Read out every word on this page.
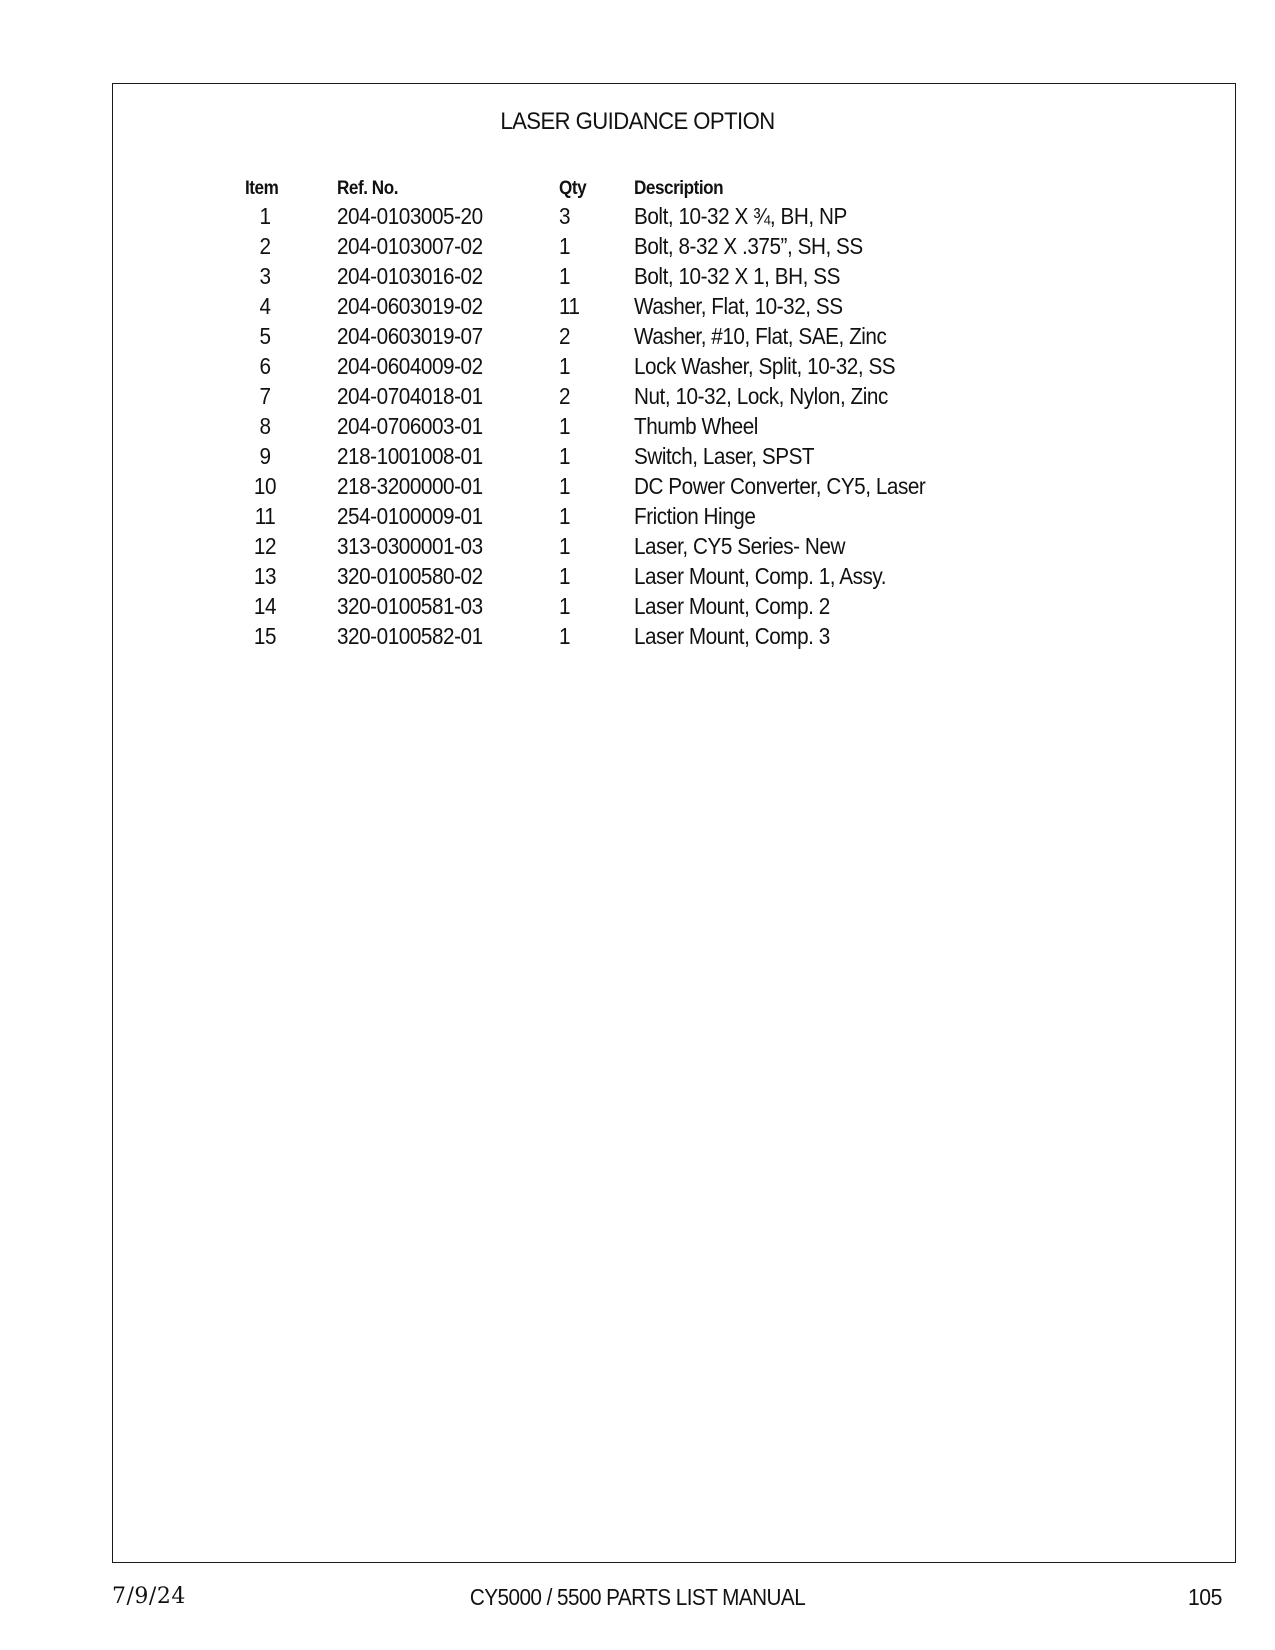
LASER GUIDANCE OPTION
Item	Ref. No.	Qty	Description
1	204-0103005-20	3	Bolt, 10-32 X ¾, BH, NP
2	204-0103007-02	1	Bolt, 8-32 X .375”, SH, SS
3	204-0103016-02	1	Bolt, 10-32 X 1, BH, SS
4	204-0603019-02	11 Washer, Flat, 10-32, SS
5	204-0603019-07	2	Washer, #10, Flat, SAE, Zinc
6	204-0604009-02	1	Lock Washer, Split, 10-32, SS
7	204-0704018-01	2	Nut, 10-32, Lock, Nylon, Zinc
8	204-0706003-01	1	Thumb Wheel
9	218-1001008-01	1	Switch, Laser, SPST
10	218-3200000-01	1	DC Power Converter, CY5, Laser
11	254-0100009-01	1	Friction Hinge
12	313-0300001-03	1	Laser, CY5 Series- New
13	320-0100580-02	1	Laser Mount, Comp. 1, Assy.
14	320-0100581-03	1	Laser Mount, Comp. 2
15	320-0100582-01	1	Laser Mount, Comp. 3
7/9/24	CY5000 / 5500 PARTS LIST MANUAL	105
